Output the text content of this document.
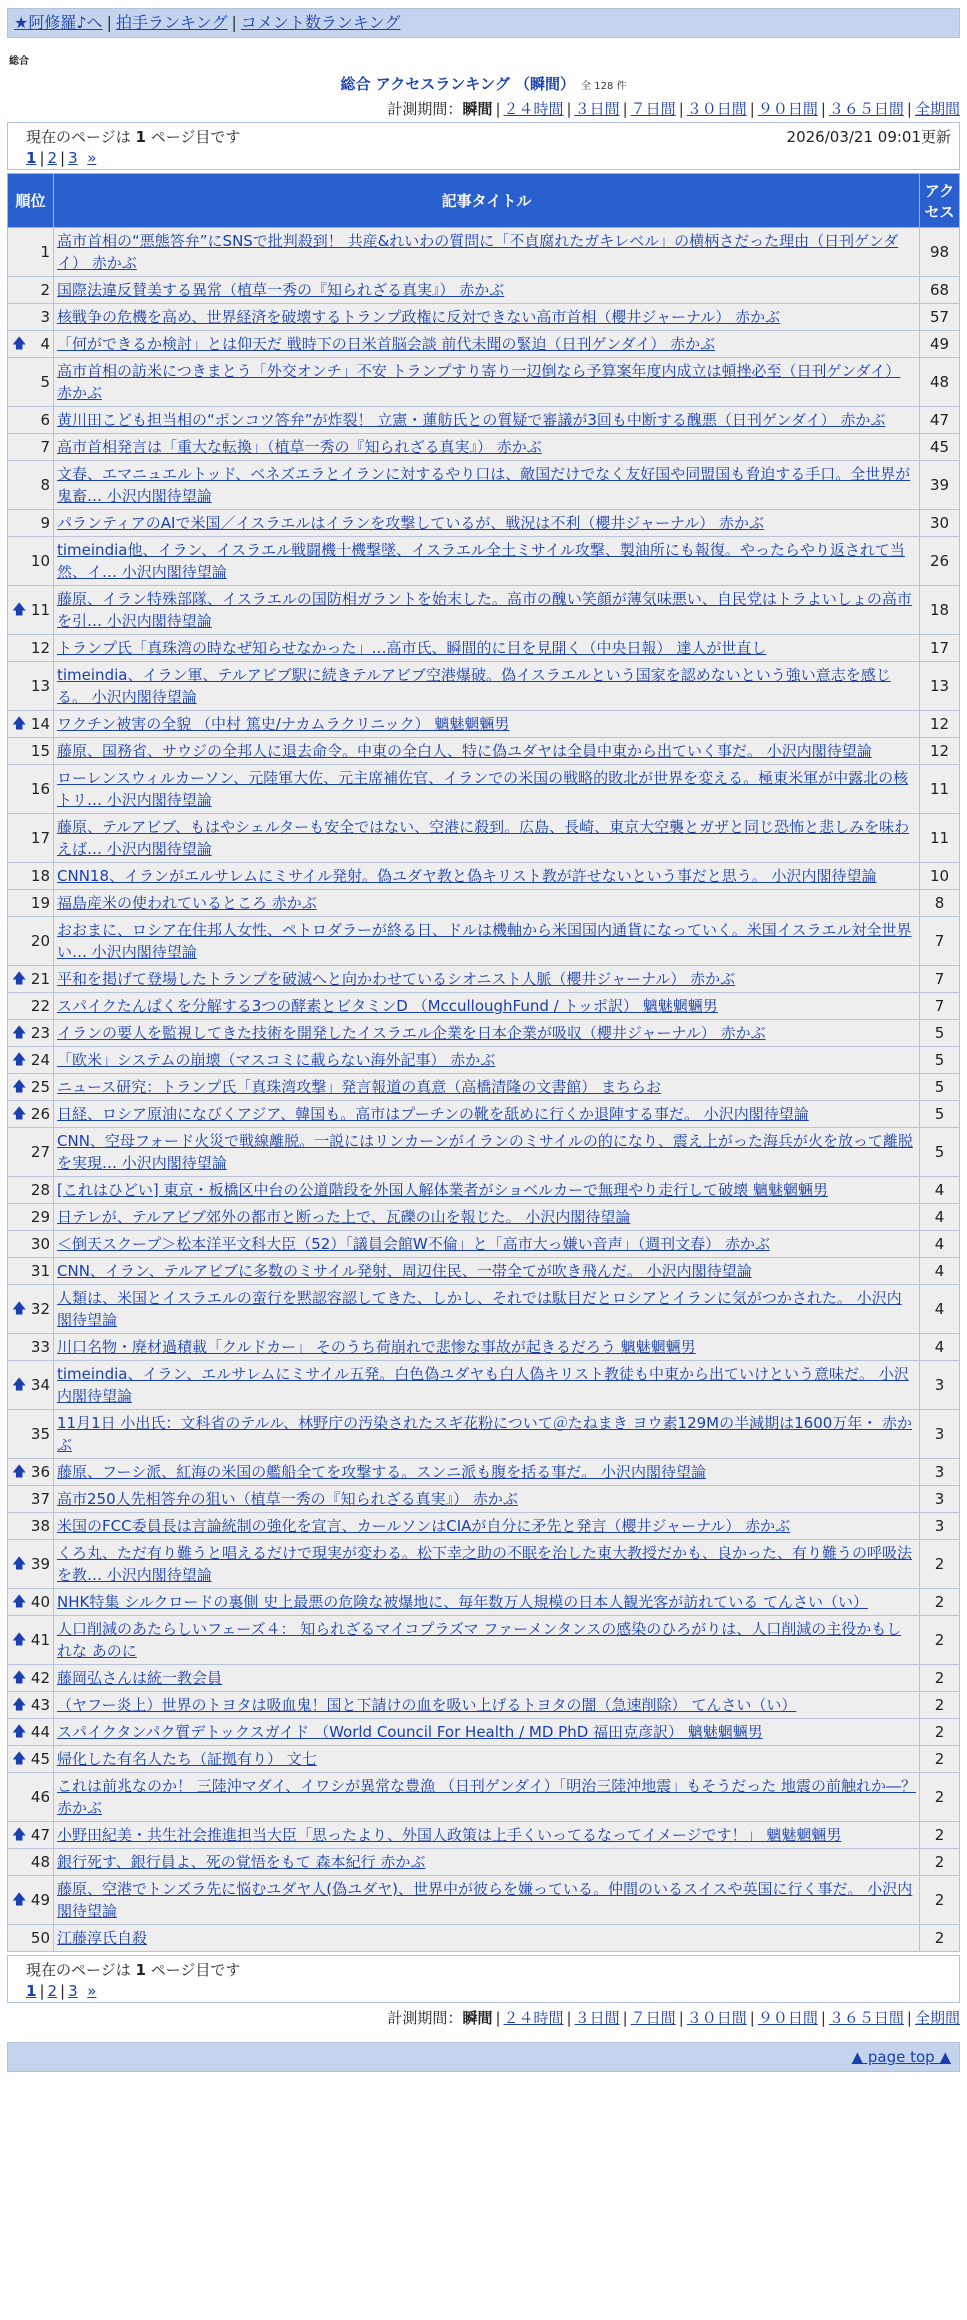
★阿修羅♪へ | 拍手ランキング | コメント数ランキング
総合
総合 アクセスランキング （瞬間） 全 128 件
計測期間：瞬間 | ２４時間 | ３日間 | ７日間 | ３０日間 | ９０日間 | ３６５日間 | 全期間
現在のページは 1 ページ目です	2026/03/21 09:01更新
1 | 2 | 3 »
順位	記事タイトル	アクセス
1	高市首相の“悪態答弁”にSNSで批判殺到！ 共産&れいわの質問に「不貞腐れたガキレベル」の横柄さだった理由（日刊ゲンダイ） 赤かぶ	98
2	国際法違反賛美する異常（植草一秀の『知られざる真実』） 赤かぶ	68
3	核戦争の危機を高め、世界経済を破壊するトランプ政権に反対できない高市首相（櫻井ジャーナル） 赤かぶ	57

🡅 4	「何ができるか検討」とは仰天だ 戦時下の日米首脳会談 前代未聞の緊迫（日刊ゲンダイ） 赤かぶ	49
5	高市首相の訪米につきまとう「外交オンチ」不安 トランプすり寄り一辺倒なら予算案年度内成立は頓挫必至（日刊ゲンダイ） 赤かぶ	48
6	黄川田こども担当相の“ポンコツ答弁”が炸裂！ 立憲・蓮舫氏との質疑で審議が3回も中断する醜悪（日刊ゲンダイ） 赤かぶ	47
7	高市首相発言は「重大な転換」（植草一秀の『知られざる真実』） 赤かぶ	45
8	文春、エマニュエルトッド、ベネズエラとイランに対するやり口は、敵国だけでなく友好国や同盟国も脅迫する手口。全世界が鬼畜… 小沢内閣待望論	39
9	パランティアのAIで米国／イスラエルはイランを攻撃しているが、戦況は不利（櫻井ジャーナル） 赤かぶ	30
10	timeindia他、イラン、イスラエル戦闘機十機撃墜、イスラエル全土ミサイル攻撃、製油所にも報復。やったらやり返されて当然、イ… 小沢内閣待望論	26

🡅 11	藤原、イラン特殊部隊、イスラエルの国防相ガラントを始末した。高市の醜い笑顔が薄気味悪い、自民党はトラよいしょの高市を引… 小沢内閣待望論	18
12	トランプ氏「真珠湾の時なぜ知らせなかった」…高市氏、瞬間的に目を見開く（中央日報） 達人が世直し	17
13	timeindia、イラン軍、テルアビブ駅に続きテルアビブ空港爆破。偽イスラエルという国家を認めないという強い意志を感じる。 小沢内閣待望論	13

🡅 14	ワクチン被害の全貌 （中村 篤史/ナカムラクリニック） 魑魅魍魎男	12
15	藤原、国務省、サウジの全邦人に退去命令。中東の全白人、特に偽ユダヤは全員中東から出ていく事だ。 小沢内閣待望論	12
16	ローレンスウィルカーソン、元陸軍大佐、元主席補佐官、イランでの米国の戦略的敗北が世界を変える。極東米軍が中露北の核トリ… 小沢内閣待望論	11
17	藤原、テルアビブ、もはやシェルターも安全ではない、空港に殺到。広島、長崎、東京大空襲とガザと同じ恐怖と悲しみを味わえば… 小沢内閣待望論	11
18	CNN18、イランがエルサレムにミサイル発射。偽ユダヤ教と偽キリスト教が許せないという事だと思う。 小沢内閣待望論	10
19	福島産米の使われているところ 赤かぶ	8
20	おおまに、ロシア在住邦人女性、ペトロダラーが終る日、ドルは機軸から米国国内通貨になっていく。米国イスラエル対全世界い… 小沢内閣待望論	7

🡅 21	平和を掲げて登場したトランプを破滅へと向かわせているシオニスト人脈（櫻井ジャーナル） 赤かぶ	7
22	スパイクたんぱくを分解する3つの酵素とビタミンD （McculloughFund / トッポ訳） 魑魅魍魎男	7

🡅 23	イランの要人を監視してきた技術を開発したイスラエル企業を日本企業が吸収（櫻井ジャーナル） 赤かぶ	5

🡅 24	「欧米」システムの崩壊（マスコミに載らない海外記事） 赤かぶ	5

🡅 25	ニュース研究：トランプ氏「真珠湾攻撃」発言報道の真意（高橋清隆の文書館） まちらお	5

🡅 26	日経、ロシア原油になびくアジア、韓国も。高市はプーチンの靴を舐めに行くか退陣する事だ。 小沢内閣待望論	5
27	CNN、空母フォード火災で戦線離脱。一説にはリンカーンがイランのミサイルの的になり、震え上がった海兵が火を放って離脱を実現… 小沢内閣待望論	5
28	[これはひどい] 東京・板橋区中台の公道階段を外国人解体業者がショベルカーで無理やり走行して破壊 魑魅魍魎男	4
29	日テレが、テルアビブ郊外の都市と断った上で、瓦礫の山を報じた。 小沢内閣待望論	4
30	＜倒天スクープ＞松本洋平文科大臣（52）「議員会館W不倫」と「高市大っ嫌い音声」（週刊文春） 赤かぶ	4
31	CNN、イラン、テルアビブに多数のミサイル発射、周辺住民、一帯全てが吹き飛んだ。 小沢内閣待望論	4

🡅 32	人類は、米国とイスラエルの蛮行を黙認容認してきた、しかし、それでは駄目だとロシアとイランに気がつかされた。 小沢内閣待望論	4
33	川口名物・廃材過積載「クルドカー」 そのうち荷崩れで悲惨な事故が起きるだろう 魑魅魍魎男	4

🡅 34	timeindia、イラン、エルサレムにミサイル五発。白色偽ユダヤも白人偽キリスト教徒も中東から出ていけという意味だ。 小沢内閣待望論	3
35	11月1日 小出氏：文科省のテルル、林野庁の汚染されたスギ花粉について＠たねまき ヨウ素129Mの半減期は1600万年・ 赤かぶ	3

🡅 36	藤原、フーシ派、紅海の米国の艦船全てを攻撃する。スンニ派も腹を括る事だ。 小沢内閣待望論	3
37	高市250人先相答弁の狙い（植草一秀の『知られざる真実』） 赤かぶ	3
38	米国のFCC委員長は言論統制の強化を宣言、カールソンはCIAが自分に矛先と発言（櫻井ジャーナル） 赤かぶ	3

🡅 39	くろ丸、ただ有り難うと唱えるだけで現実が変わる。松下幸之助の不眠を治した東大教授だかも、良かった、有り難うの呼吸法を教… 小沢内閣待望論	2

🡅 40	NHK特集 シルクロードの裏側 史上最悪の危険な被爆地に、毎年数万人規模の日本人観光客が訪れている てんさい（い）	2

🡅 41	人口削減のあたらしいフェーズ４： 知られざるマイコプラズマ ファーメンタンスの感染のひろがりは、人口削減の主役かもしれな あのに	2

🡅 42	藤岡弘さんは統一教会員	2

🡅 43	（ヤフー炎上）世界のトヨタは吸血鬼！国と下請けの血を吸い上げるトヨタの闇（急速削除） てんさい（い）	2

🡅 44	スパイクタンパク質デトックスガイド （World Council For Health / MD PhD 福田克彦訳） 魑魅魍魎男	2

🡅 45	帰化した有名人たち（証拠有り） 文七	2
46	これは前兆なのか！ 三陸沖マダイ、イワシが異常な豊漁 （日刊ゲンダイ）「明治三陸沖地震」もそうだった 地震の前触れか―？ 赤かぶ	2

🡅 47	小野田紀美・共生社会推進担当大臣「思ったより、外国人政策は上手くいってるなってイメージです！」 魑魅魍魎男	2
48	銀行死す、銀行員よ、死の覚悟をもて 森本紀行 赤かぶ	2

🡅 49	藤原、空港でトンズラ先に悩むユダヤ人(偽ユダヤ)、世界中が彼らを嫌っている。仲間のいるスイスや英国に行く事だ。 小沢内閣待望論	2
50	江藤淳氏自殺	2
現在のページは 1 ページ目です
1 | 2 | 3 »
計測期間：瞬間 | ２４時間 | ３日間 | ７日間 | ３０日間 | ９０日間 | ３６５日間 | 全期間
▲ page top ▲
